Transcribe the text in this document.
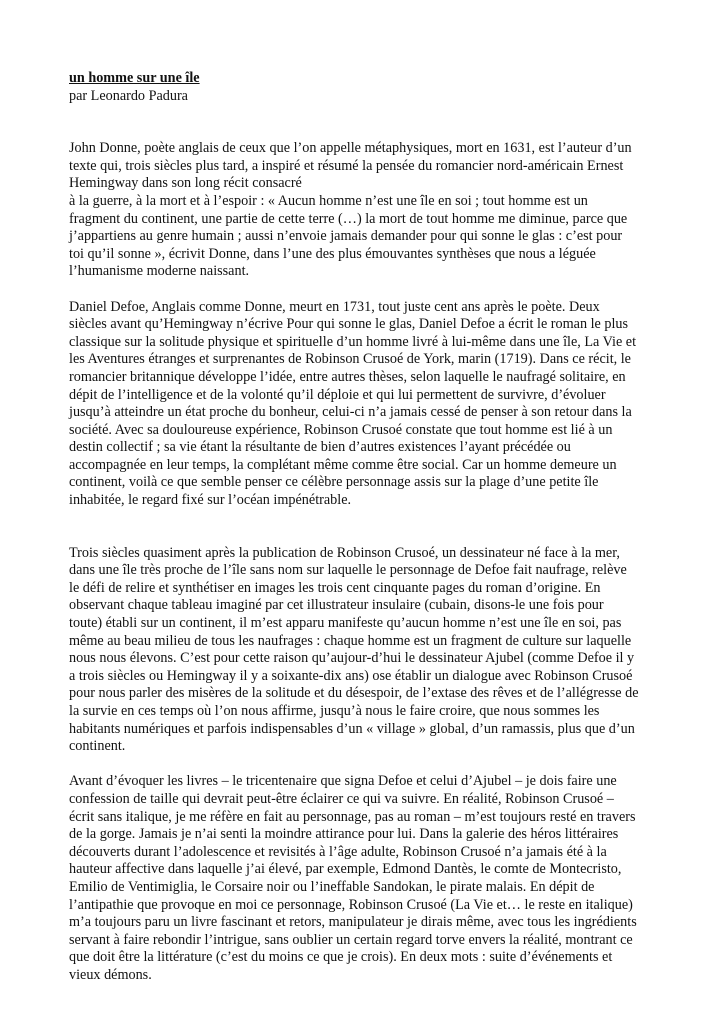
un homme sur une île

par Leonardo Padura

John Donne, poète anglais de ceux que l’on appelle métaphysiques, mort en 1631, est l’auteur d’un
texte qui, trois siècles plus tard, a inspiré et résumé la pensée du romancier nord-américain Ernest
Hemingway dans son long récit consacré
à la guerre, à la mort et à l’espoir : « Aucun homme n’est une île en soi ; tout homme est un
fragment du continent, une partie de cette terre (…) la mort de tout homme me diminue, parce que
j’appartiens au genre humain ; aussi n’envoie jamais demander pour qui sonne le glas : c’est pour
toi qu’il sonne », écrivit Donne, dans l’une des plus émouvantes synthèses que nous a léguée
l’humanisme moderne naissant.
Daniel Defoe, Anglais comme Donne, meurt en 1731, tout juste cent ans après le poète. Deux
siècles avant qu’Hemingway n’écrive Pour qui sonne le glas, Daniel Defoe a écrit le roman le plus
classique sur la solitude physique et spirituelle d’un homme livré à lui-même dans une île, La Vie et
les Aventures étranges et surprenantes de Robinson Crusoé de York, marin (1719). Dans ce récit, le
romancier britannique développe l’idée, entre autres thèses, selon laquelle le naufragé solitaire, en
dépit de l’intelligence et de la volonté qu’il déploie et qui lui permettent de survivre, d’évoluer
jusqu’à atteindre un état proche du bonheur, celui-ci n’a jamais cessé de penser à son retour dans la
société. Avec sa douloureuse expérience, Robinson Crusoé constate que tout homme est lié à un
destin collectif ; sa vie étant la résultante de bien d’autres existences l’ayant précédée ou
accompagnée en leur temps, la complétant même comme être social. Car un homme demeure un
continent, voilà ce que semble penser ce célèbre personnage assis sur la plage d’une petite île
inhabitée, le regard fixé sur l’océan impénétrable.
Trois siècles quasiment après la publication de Robinson Crusoé, un dessinateur né face à la mer,
dans une île très proche de l’île sans nom sur laquelle le personnage de Defoe fait naufrage, relève
le défi de relire et synthétiser en images les trois cent cinquante pages du roman d’origine. En
observant chaque tableau imaginé par cet illustrateur insulaire (cubain, disons-le une fois pour
toute) établi sur un continent, il m’est apparu manifeste qu’aucun homme n’est une île en soi, pas
même au beau milieu de tous les naufrages : chaque homme est un fragment de culture sur laquelle
nous nous élevons. C’est pour cette raison qu’aujour-d’hui le dessinateur Ajubel (comme Defoe il y
a trois siècles ou Hemingway il y a soixante-dix ans) ose établir un dialogue avec Robinson Crusoé
pour nous parler des misères de la solitude et du désespoir, de l’extase des rêves et de l’allégresse de
la survie en ces temps où l’on nous affirme, jusqu’à nous le faire croire, que nous sommes les
habitants numériques et parfois indispensables d’un « village » global, d’un ramassis, plus que d’un
continent.
Avant d’évoquer les livres – le tricentenaire que signa Defoe et celui d’Ajubel – je dois faire une
confession de taille qui devrait peut-être éclairer ce qui va suivre. En réalité, Robinson Crusoé –
écrit sans italique, je me réfère en fait au personnage, pas au roman – m’est toujours resté en travers
de la gorge. Jamais je n’ai senti la moindre attirance pour lui. Dans la galerie des héros littéraires
découverts durant l’adolescence et revisités à l’âge adulte, Robinson Crusoé n’a jamais été à la
hauteur affective dans laquelle j’ai élevé, par exemple, Edmond Dantès, le comte de Montecristo,
Emilio de Ventimiglia, le Corsaire noir ou l’ineffable Sandokan, le pirate malais. En dépit de
l’antipathie que provoque en moi ce personnage, Robinson Crusoé (La Vie et… le reste en italique)
m’a toujours paru un livre fascinant et retors, manipulateur je dirais même, avec tous les ingrédients
servant à faire rebondir l’intrigue, sans oublier un certain regard torve envers la réalité, montrant ce
que doit être la littérature (c’est du moins ce que je crois). En deux mots : suite d’événements et
vieux démons.
